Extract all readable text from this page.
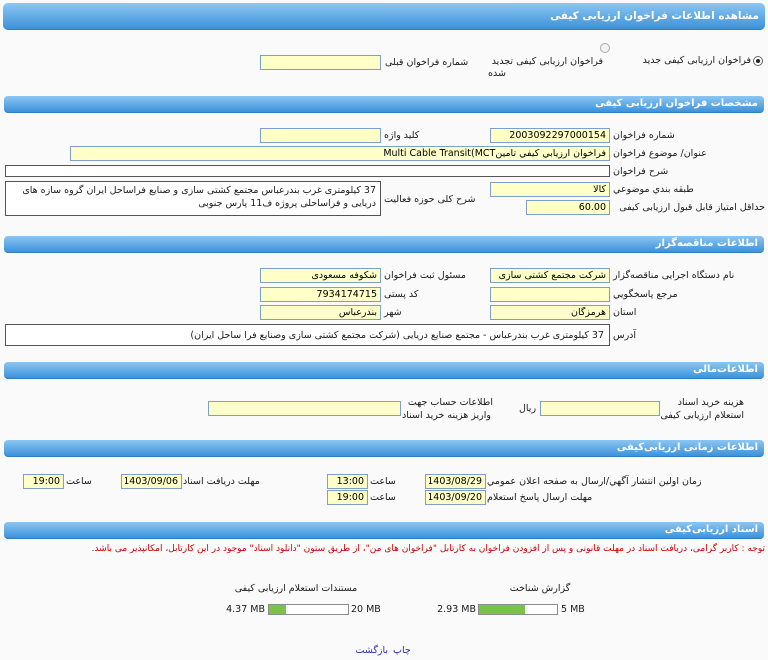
مشاهده اطلاعات فراخوان ارزیابی کیفی
فراخوان ارزیابی کیفی جدید
فراخوان ارزیابی کیفی تجدید
شده
شماره فراخوان قبلی
مشخصات فراخوان ارزیابی کیفی
شماره فراخوان
2003092297000154
کلید واژه
عنوان/ موضوع فراخوان
فراخوان ارزيابي کيفي تامينMulti Cable Transit(MCT
شرح فراخوان
طبقه بندي موضوعي
کالا
شرح کلی حوزه فعالیت
37 کیلومتری غرب بندرعباس مجتمع کشتی سازی و صنایع فراساحل ایران گروه سازه های دریایی و فراساحلی پروژه ف11 پارس جنوبی	حداقل امتیاز قابل قبول ارزیابی کیفی
60.00
اطلاعات مناقصه‌گزار
نام دستگاه اجرایی مناقصه‌گزار
شرکت مجتمع کشتی سازی
مسئول ثبت فراخوان
شکوفه مسعودی
مرجع پاسخگويي
کد پستی
7934174715
استان
هرمزگان
شهر
بندرعباس
آدرس
37 کیلومتری غرب بندرعباس - مجتمع صنایع دریایی (شرکت مجتمع کشتی سازی وصنایع فرا ساحل ایران)
اطلاعات‌مالی
هزینه خرید اسناد
استعلام ارزیابی کیفی
ریال
اطلاعات حساب جهت
واریز هزینه خرید اسناد
اطلاعات زمانی ارزیابی‌کیفی
زمان اولين انتشار آگهي/ارسال به صفحه اعلان عمومي
1403/08/29
ساعت
13:00
مهلت دریافت اسناد
1403/09/06
ساعت
19:00
مهلت ارسال پاسخ استعلام
1403/09/20
ساعت
19:00
اسناد ارزیابی‌کیفی
توجه : کاربر گرامی، دریافت اسناد در مهلت قانونی و پس از افزودن فراخوان به کارتابل "فراخوان های من"، از طریق ستون "دانلود اسناد" موجود در این کارتابل، امکانپذیر می باشد.
گزارش شناخت
5 MB
2.93 MB
مستندات استعلام ارزیابی کیفی
20 MB
4.37 MB
چاپ
بازگشت
